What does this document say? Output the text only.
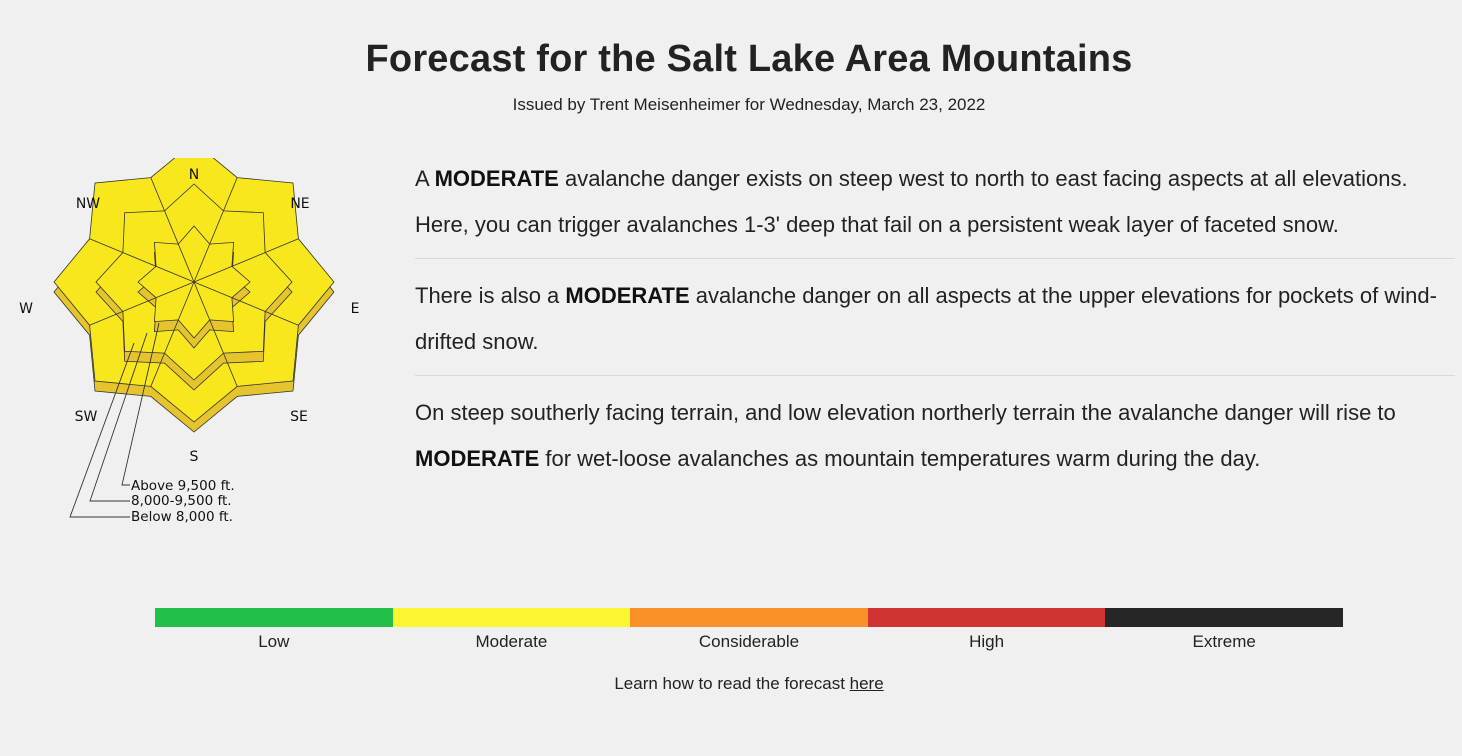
Forecast for the Salt Lake Area Mountains
Issued by Trent Meisenheimer for Wednesday, March 23, 2022
N
NE
E
SE
S
SW
W
NW
Above 9,500 ft.
8,000-9,500 ft.
Below 8,000 ft.

A MODERATE avalanche danger exists on steep west to north to east facing aspects at all elevations. Here, you can trigger avalanches 1-3' deep that fail on a persistent weak layer of faceted snow.

There is also a MODERATE avalanche danger on all aspects at the upper elevations for pockets of wind-drifted snow.

On steep southerly facing terrain, and low elevation northerly terrain the avalanche danger will rise to MODERATE for wet-loose avalanches as mountain temperatures warm during the day.

Low	Moderate	Considerable	High	Extreme
Learn how to read the forecast here
